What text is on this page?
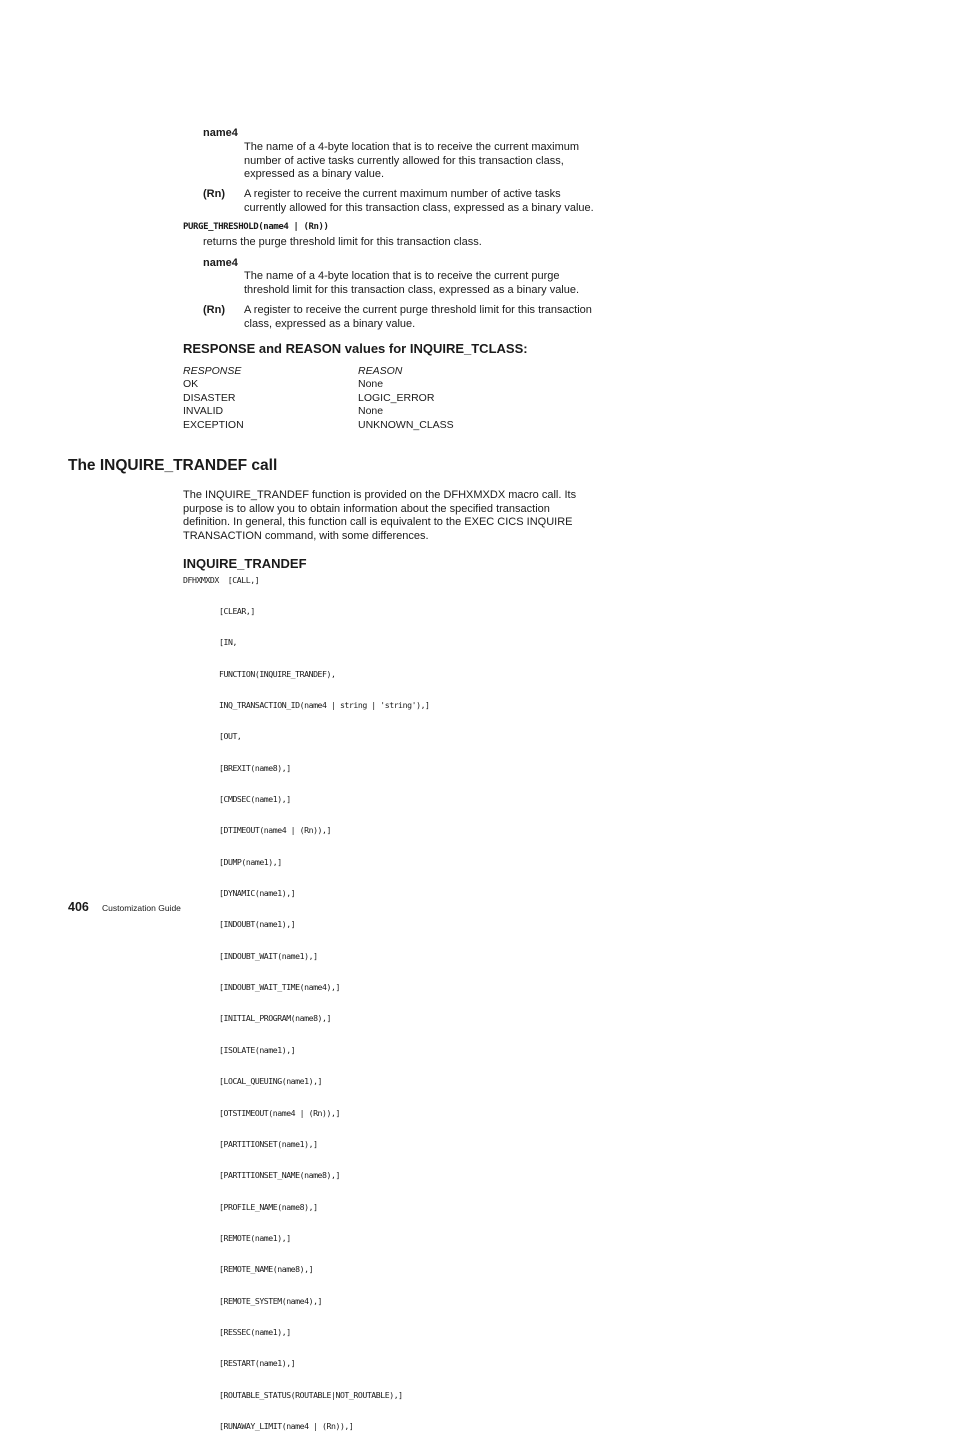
name4
The name of a 4-byte location that is to receive the current maximum
number of active tasks currently allowed for this transaction class,
expressed as a binary value.
(Rn) A register to receive the current maximum number of active tasks
currently allowed for this transaction class, expressed as a binary value.
PURGE_THRESHOLD(name4 | (Rn))
returns the purge threshold limit for this transaction class.
name4
The name of a 4-byte location that is to receive the current purge
threshold limit for this transaction class, expressed as a binary value.
(Rn) A register to receive the current purge threshold limit for this transaction
class, expressed as a binary value.
RESPONSE and REASON values for INQUIRE_TCLASS:
RESPONSE	REASON
OK
DISASTER
INVALID
EXCEPTION
None
LOGIC_ERROR
None
UNKNOWN_CLASS
The INQUIRE_TRANDEF call
The INQUIRE_TRANDEF function is provided on the DFHXMXDX macro call. Its
purpose is to allow you to obtain information about the specified transaction
definition. In general, this function call is equivalent to the EXEC CICS INQUIRE
TRANSACTION command, with some differences.
INQUIRE_TRANDEF
DFHXMXDX  [CALL,]

[CLEAR,]

[IN,

FUNCTION(INQUIRE_TRANDEF),

INQ_TRANSACTION_ID(name4 | string | 'string'),]

[OUT,

[BREXIT(name8),]

[CMDSEC(name1),]

[DTIMEOUT(name4 | (Rn)),]

[DUMP(name1),]

[DYNAMIC(name1),]

[INDOUBT(name1),]

[INDOUBT_WAIT(name1),]

[INDOUBT_WAIT_TIME(name4),]

[INITIAL_PROGRAM(name8),]

[ISOLATE(name1),]

[LOCAL_QUEUING(name1),]

[OTSTIMEOUT(name4 | (Rn)),]

[PARTITIONSET(name1),]

[PARTITIONSET_NAME(name8),]

[PROFILE_NAME(name8),]

[REMOTE(name1),]

[REMOTE_NAME(name8),]

[REMOTE_SYSTEM(name4),]

[RESSEC(name1),]

[RESTART(name1),]

[ROUTABLE_STATUS(ROUTABLE|NOT_ROUTABLE),]

[RUNAWAY_LIMIT(name4 | (Rn)),]

406 Customization Guide
